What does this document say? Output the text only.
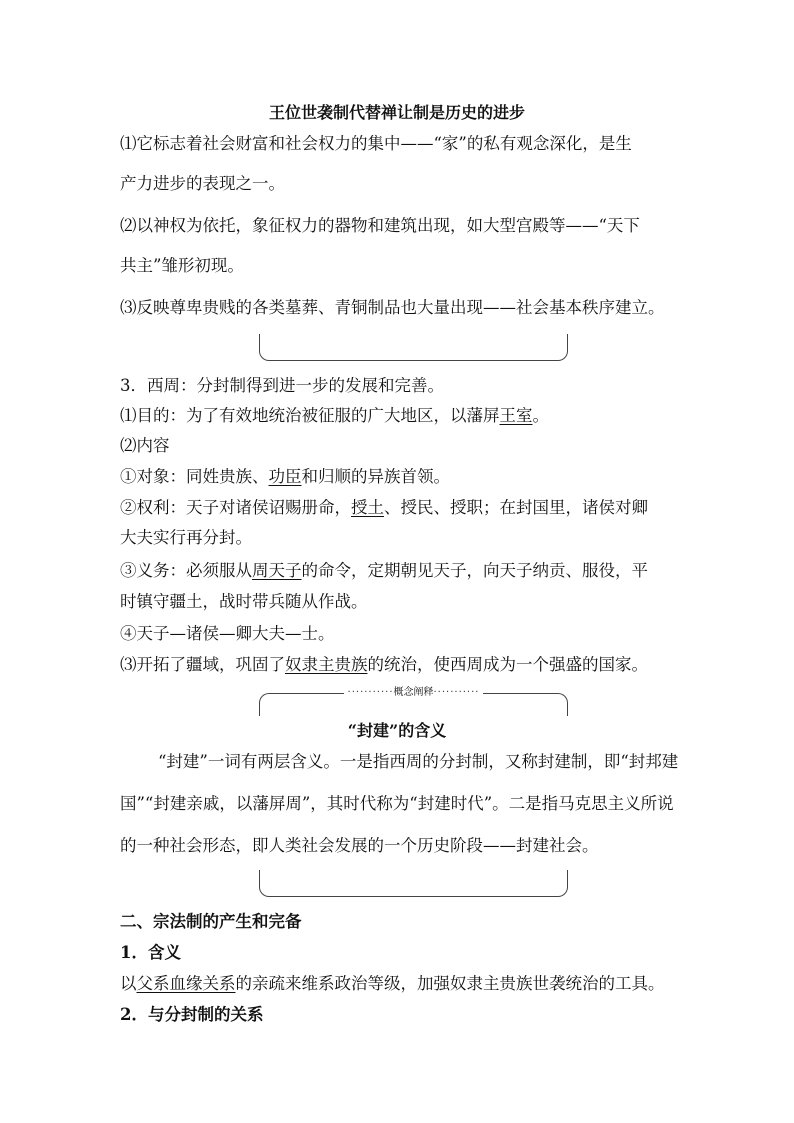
王位世袭制代替禅让制是历史的进步
⑴它标志着社会财富和社会权力的集中——“家”的私有观念深化，是生
产力进步的表现之一。
⑵以神权为依托，象征权力的器物和建筑出现，如大型宫殿等——“天下
共主”雏形初现。
⑶反映尊卑贵贱的各类墓葬、青铜制品也大量出现——社会基本秩序建立。
3．西周：分封制得到进一步的发展和完善。
⑴目的：为了有效地统治被征服的广大地区，以藩屏王室。
⑵内容
①对象：同姓贵族、功臣和归顺的异族首领。
②权利：天子对诸侯诏赐册命，授土、授民、授职；在封国里，诸侯对卿
大夫实行再分封。
③义务：必须服从周天子的命令，定期朝见天子，向天子纳贡、服役，平
时镇守疆土，战时带兵随从作战。
④天子—诸侯—卿大夫—士。
⑶开拓了疆域，巩固了奴隶主贵族的统治，使西周成为一个强盛的国家。
···········概念阐释···········
“封建”的含义
“封建”一词有两层含义。一是指西周的分封制，又称封建制，即“封邦建
国”“封建亲戚，以藩屏周”，其时代称为“封建时代”。二是指马克思主义所说
的一种社会形态，即人类社会发展的一个历史阶段——封建社会。
二、宗法制的产生和完备
1．含义
以父系血缘关系的亲疏来维系政治等级，加强奴隶主贵族世袭统治的工具。
2．与分封制的关系
